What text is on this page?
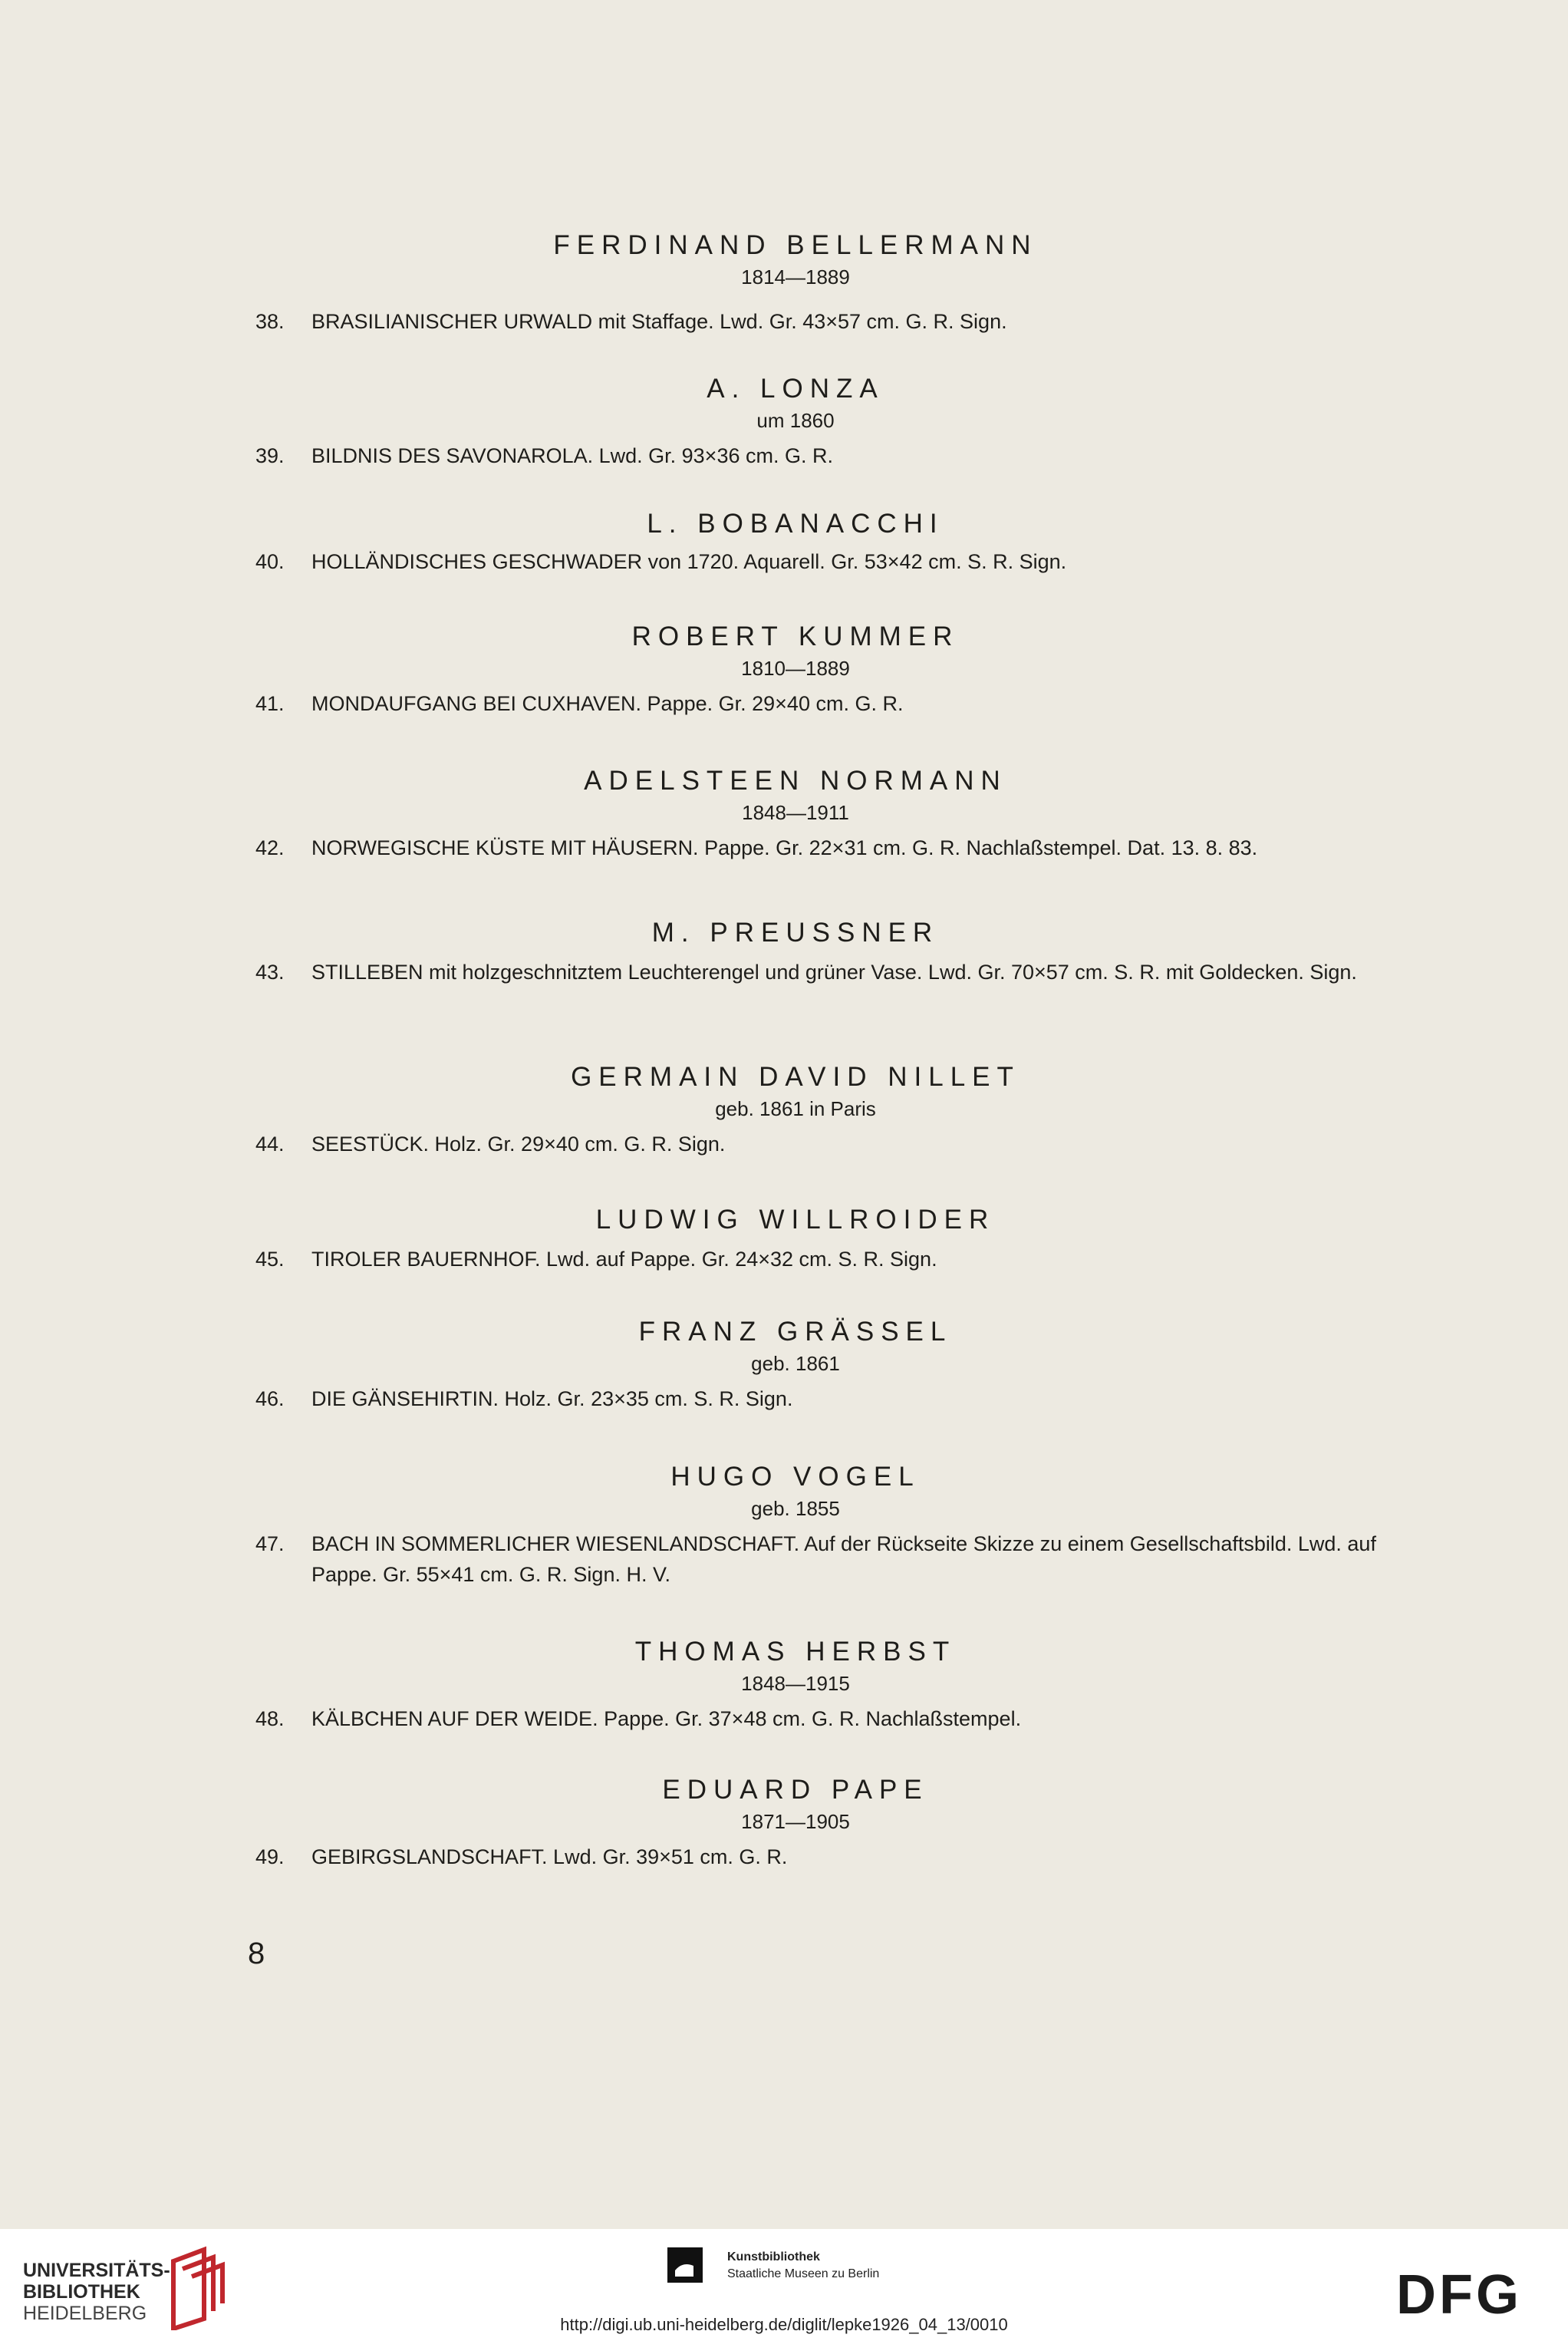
FERDINAND BELLERMANN
1814—1889
38. BRASILIANISCHER URWALD mit Staffage. Lwd. Gr. 43×57 cm. G. R. Sign.
A. LONZA
um 1860
39. BILDNIS DES SAVONAROLA. Lwd. Gr. 93×36 cm. G. R.
L. BOBANACCHI
40. HOLLÄNDISCHES GESCHWADER von 1720. Aquarell. Gr. 53×42 cm. S. R. Sign.
ROBERT KUMMER
1810—1889
41. MONDAUFGANG BEI CUXHAVEN. Pappe. Gr. 29×40 cm. G. R.
ADELSTEEN NORMANN
1848—1911
42. NORWEGISCHE KÜSTE MIT HÄUSERN. Pappe. Gr. 22×31 cm. G. R. Nachlaßstempel. Dat. 13. 8. 83.
M. PREUSSNER
43. STILLEBEN mit holzgeschnitztem Leuchterengel und grüner Vase. Lwd. Gr. 70×57 cm. S. R. mit Goldecken. Sign.
GERMAIN DAVID NILLET
geb. 1861 in Paris
44. SEESTÜCK. Holz. Gr. 29×40 cm. G. R. Sign.
LUDWIG WILLROIDER
45. TIROLER BAUERNHOF. Lwd. auf Pappe. Gr. 24×32 cm. S. R. Sign.
FRANZ GRÄSSEL
geb. 1861
46. DIE GÄNSEHIRTIN. Holz. Gr. 23×35 cm. S. R. Sign.
HUGO VOGEL
geb. 1855
47. BACH IN SOMMERLICHER WIESENLANDSCHAFT. Auf der Rückseite Skizze zu einem Gesellschaftsbild. Lwd. auf Pappe. Gr. 55×41 cm. G. R. Sign. H. V.
THOMAS HERBST
1848—1915
48. KÄLBCHEN AUF DER WEIDE. Pappe. Gr. 37×48 cm. G. R. Nachlaßstempel.
EDUARD PAPE
1871—1905
49. GEBIRGSLANDSCHAFT. Lwd. Gr. 39×51 cm. G. R.
8
UNIVERSITÄTS-
BIBLIOTHEK
HEIDELBERG
Kunstbibliothek
Staatliche Museen zu Berlin	DFG
http://digi.ub.uni-heidelberg.de/diglit/lepke1926_04_13/0010
